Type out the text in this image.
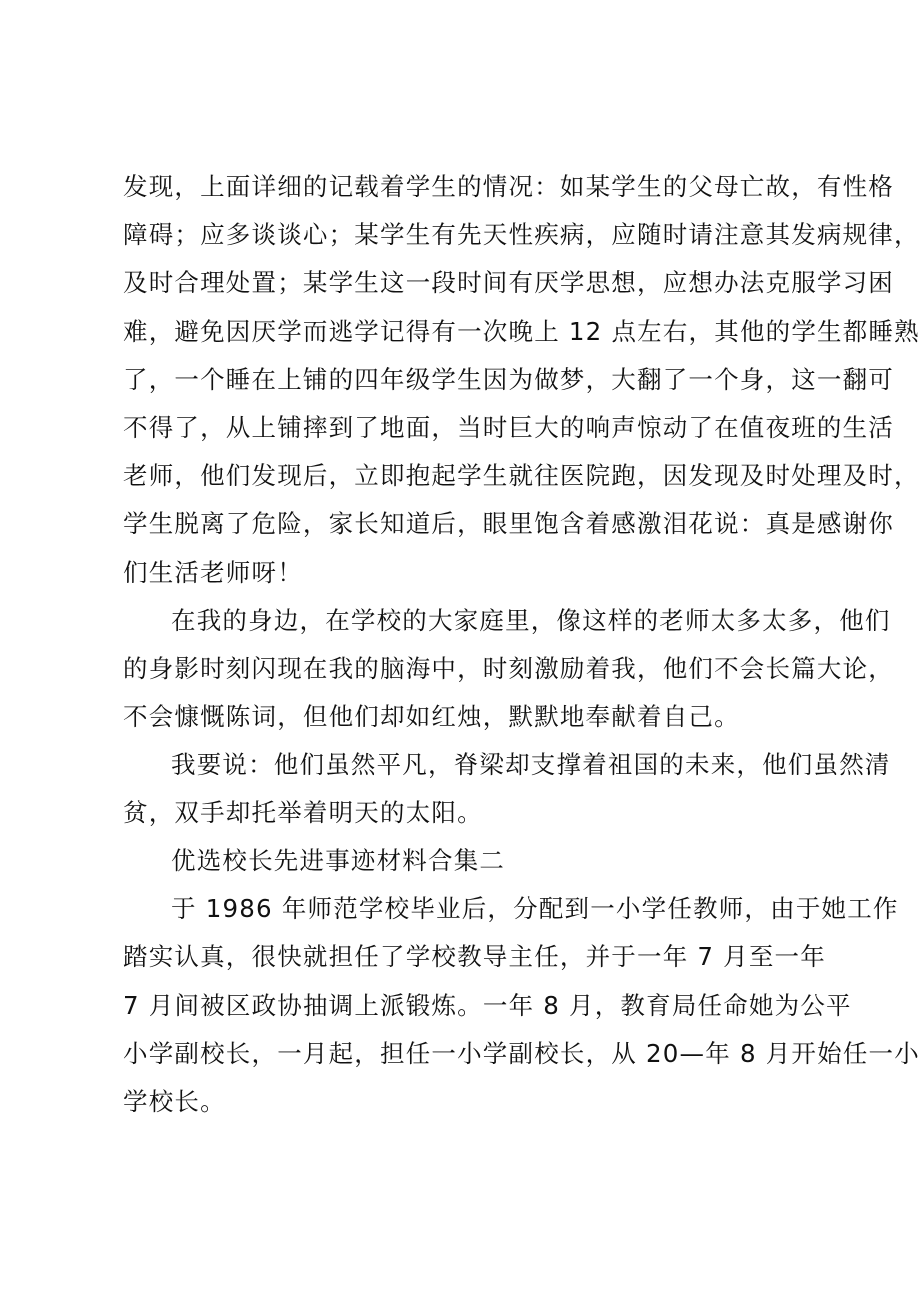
发现，上面详细的记载着学生的情况：如某学生的父母亡故，有性格
障碍；应多谈谈心；某学生有先天性疾病，应随时请注意其发病规律，
及时合理处置；某学生这一段时间有厌学思想，应想办法克服学习困
难，避免因厌学而逃学记得有一次晚上 12 点左右，其他的学生都睡熟
了，一个睡在上铺的四年级学生因为做梦，大翻了一个身，这一翻可
不得了，从上铺摔到了地面，当时巨大的响声惊动了在值夜班的生活
老师，他们发现后，立即抱起学生就往医院跑，因发现及时处理及时，
学生脱离了危险，家长知道后，眼里饱含着感激泪花说：真是感谢你
们生活老师呀！
在我的身边，在学校的大家庭里，像这样的老师太多太多，他们
的身影时刻闪现在我的脑海中，时刻激励着我，他们不会长篇大论，
不会慷慨陈词，但他们却如红烛，默默地奉献着自己。
我要说：他们虽然平凡，脊梁却支撑着祖国的未来，他们虽然清
贫，双手却托举着明天的太阳。
优选校长先进事迹材料合集二
于 1986 年师范学校毕业后，分配到一小学任教师，由于她工作
踏实认真，很快就担任了学校教导主任，并于一年 7 月至一年
7 月间被区政协抽调上派锻炼。一年 8 月，教育局任命她为公平
小学副校长，一月起，担任一小学副校长，从 20—年 8 月开始任一小
学校长。
